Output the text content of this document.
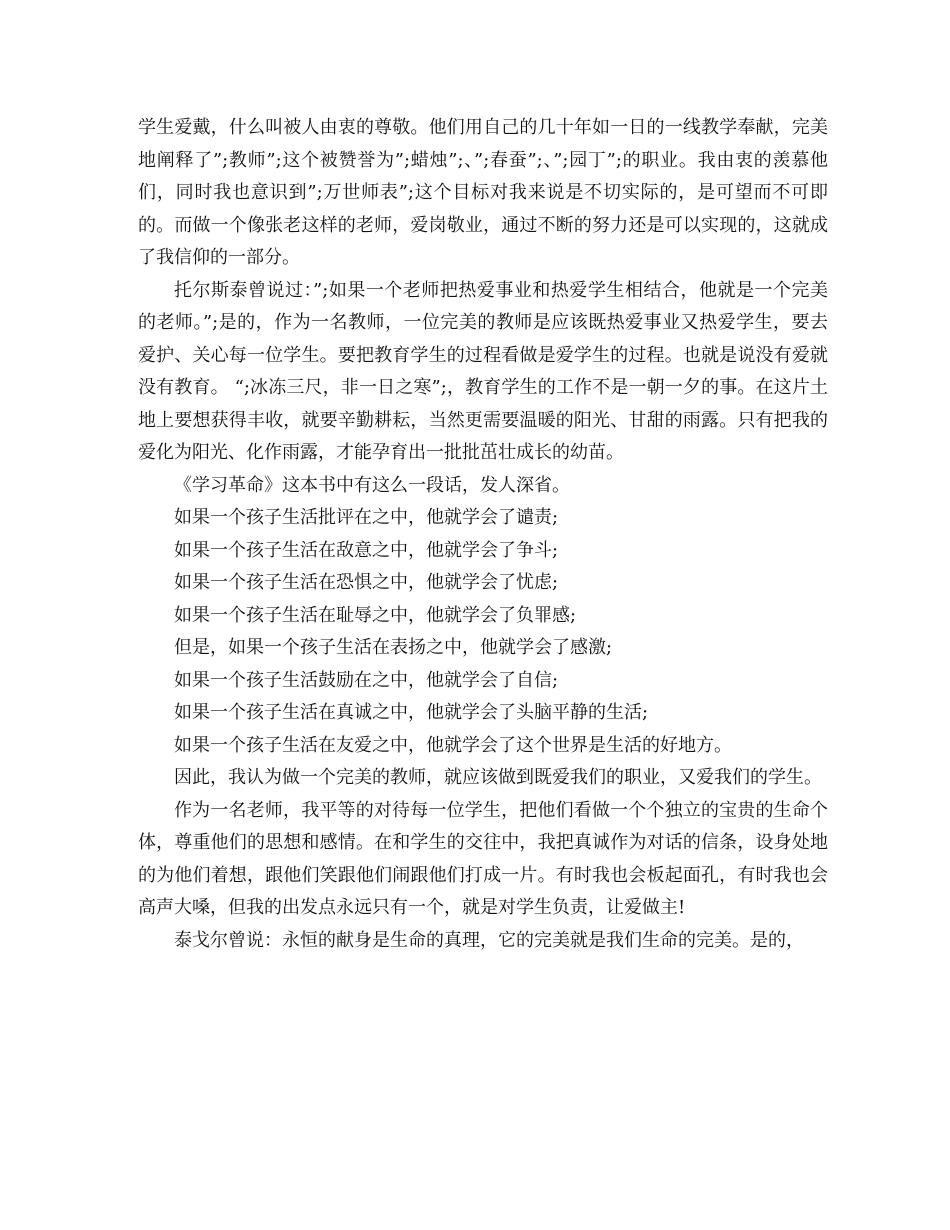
学生爱戴，什么叫被人由衷的尊敬。他们用自己的几十年如一日的一线教学奉献，完美地阐释了”;教师”;这个被赞誉为”;蜡烛”;、”;春蚕”;、”;园丁”;的职业。我由衷的羡慕他们，同时我也意识到”;万世师表”;这个目标对我来说是不切实际的，是可望而不可即的。而做一个像张老这样的老师，爱岗敬业，通过不断的努力还是可以实现的，这就成了我信仰的一部分。

托尔斯泰曾说过：”;如果一个老师把热爱事业和热爱学生相结合，他就是一个完美的老师。”;是的，作为一名教师，一位完美的教师是应该既热爱事业又热爱学生，要去爱护、关心每一位学生。要把教育学生的过程看做是爱学生的过程。也就是说没有爱就没有教育。 “;冰冻三尺，非一日之寒”;，教育学生的工作不是一朝一夕的事。在这片土地上要想获得丰收，就要辛勤耕耘，当然更需要温暖的阳光、甘甜的雨露。只有把我的爱化为阳光、化作雨露，才能孕育出一批批茁壮成长的幼苗。

《学习革命》这本书中有这么一段话，发人深省。

如果一个孩子生活批评在之中，他就学会了谴责;

如果一个孩子生活在敌意之中，他就学会了争斗;

如果一个孩子生活在恐惧之中，他就学会了忧虑;

如果一个孩子生活在耻辱之中，他就学会了负罪感;

但是，如果一个孩子生活在表扬之中，他就学会了感激;

如果一个孩子生活鼓励在之中，他就学会了自信;

如果一个孩子生活在真诚之中，他就学会了头脑平静的生活;

如果一个孩子生活在友爱之中，他就学会了这个世界是生活的好地方。

因此，我认为做一个完美的教师，就应该做到既爱我们的职业，又爱我们的学生。

作为一名老师，我平等的对待每一位学生，把他们看做一个个独立的宝贵的生命个体，尊重他们的思想和感情。在和学生的交往中，我把真诚作为对话的信条，设身处地的为他们着想，跟他们笑跟他们闹跟他们打成一片。有时我也会板起面孔，有时我也会高声大嗓，但我的出发点永远只有一个，就是对学生负责，让爱做主!

泰戈尔曾说：永恒的献身是生命的真理，它的完美就是我们生命的完美。是的，
